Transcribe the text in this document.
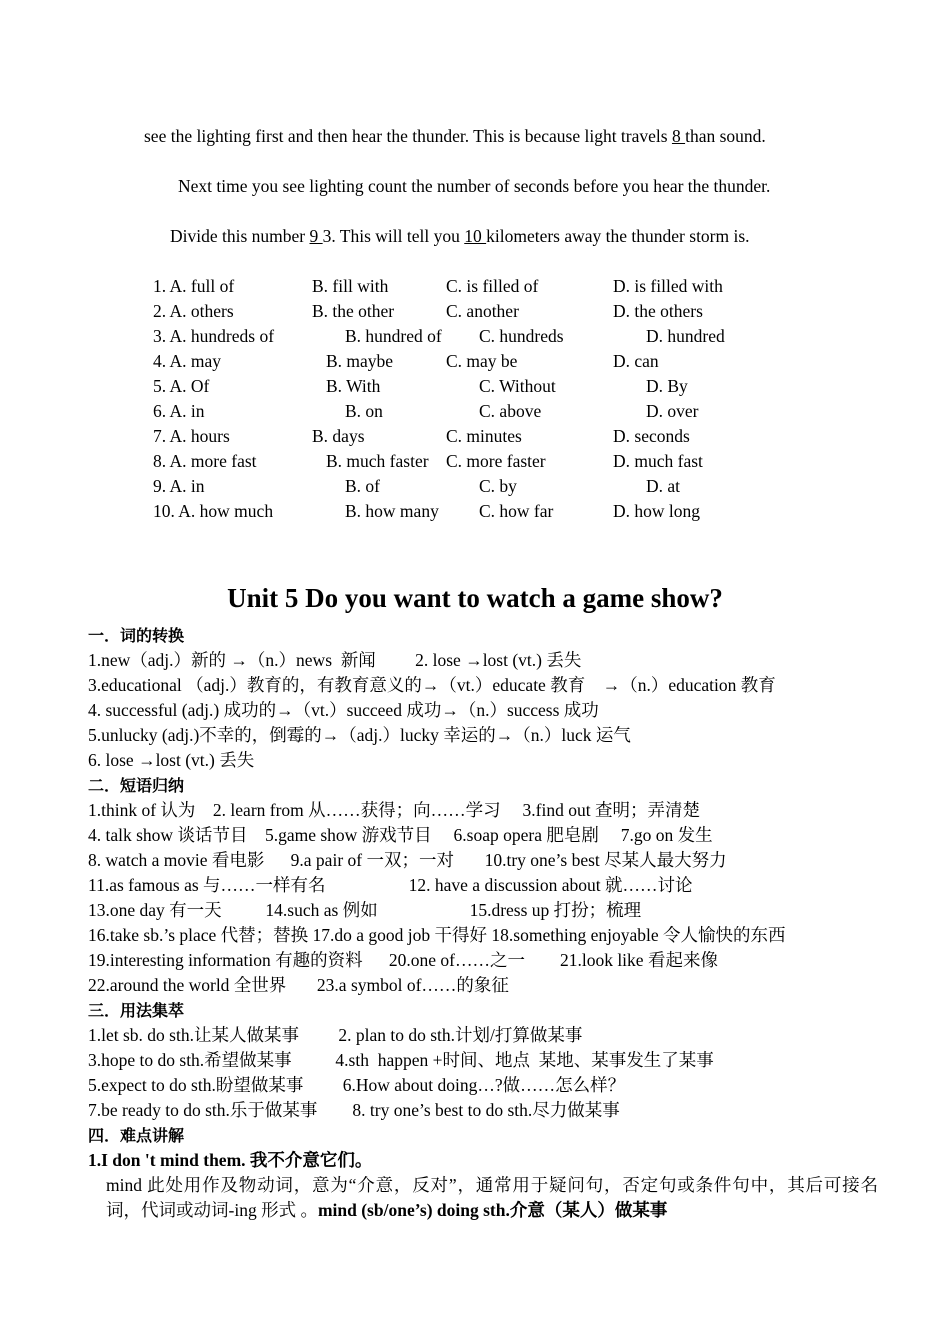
see the lighting first and then hear the thunder. This is because light travels 8 than sound.
Next time you see lighting count the number of seconds before you hear the thunder.
Divide this number 9 3. This will tell you 10 kilometers away the thunder storm is.
1. A. full of	B. fill with	C. is filled of	D. is filled with
2. A. others	B. the other	C. another	D. the others
3. A. hundreds of	B. hundred of C. hundreds	D. hundred
4. A. may	B. maybe	C. may be	D. can
5. A. Of	B. With	C. Without	D. By
6. A. in	B. on	C. above	D. over
7. A. hours	B. days	C. minutes	D. seconds
8. A. more fast	B. much faster C. more faster	D. much fast
9. A. in	B. of	C. by	D. at
10. A. how much	B. how many C. how far	D. how long
Unit 5 Do you want to watch a game show?
一．词的转换
1.new（adj.）新的 →（n.）news  新闻         2. lose →lost (vt.) 丢失
3.educational （adj.）教育的，有教育意义的→（vt.）educate 教育    →（n.）education 教育
4. successful (adj.) 成功的→（vt.）succeed 成功→（n.）success 成功
5.unlucky (adj.)不幸的，倒霉的→（adj.）lucky 幸运的→（n.）luck 运气
6. lose →lost (vt.) 丢失
二．短语归纳
1.think of 认为    2. learn from 从……获得；向……学习     3.find out 查明；弄清楚
4. talk show 谈话节目    5.game show 游戏节目     6.soap opera 肥皂剧     7.go on 发生
8. watch a movie 看电影      9.a pair of 一双；一对       10.try one’s best 尽某人最大努力
11.as famous as 与……一样有名                   12. have a discussion about 就……讨论
13.one day 有一天          14.such as 例如                     15.dress up 打扮；梳理
16.take sb.’s place 代替；替换 17.do a good job 干得好 18.something enjoyable 令人愉快的东西
19.interesting information 有趣的资料      20.one of……之一        21.look like 看起来像
22.around the world 全世界       23.a symbol of……的象征
三．用法集萃
1.let sb. do sth.让某人做某事         2. plan to do sth.计划/打算做某事
3.hope to do sth.希望做某事          4.sth  happen +时间、地点  某地、某事发生了某事
5.expect to do sth.盼望做某事         6.How about doing…?做……怎么样？
7.be ready to do sth.乐于做某事        8. try one’s best to do sth.尽力做某事
四．难点讲解
1.I don 't mind them. 我不介意它们。
mind 此处用作及物动词，意为“介意，反对”，通常用于疑问句，否定句或条件句中，其后可接名词，代词或动词-ing 形式 。mind (sb/one’s) doing sth.介意（某人）做某事
